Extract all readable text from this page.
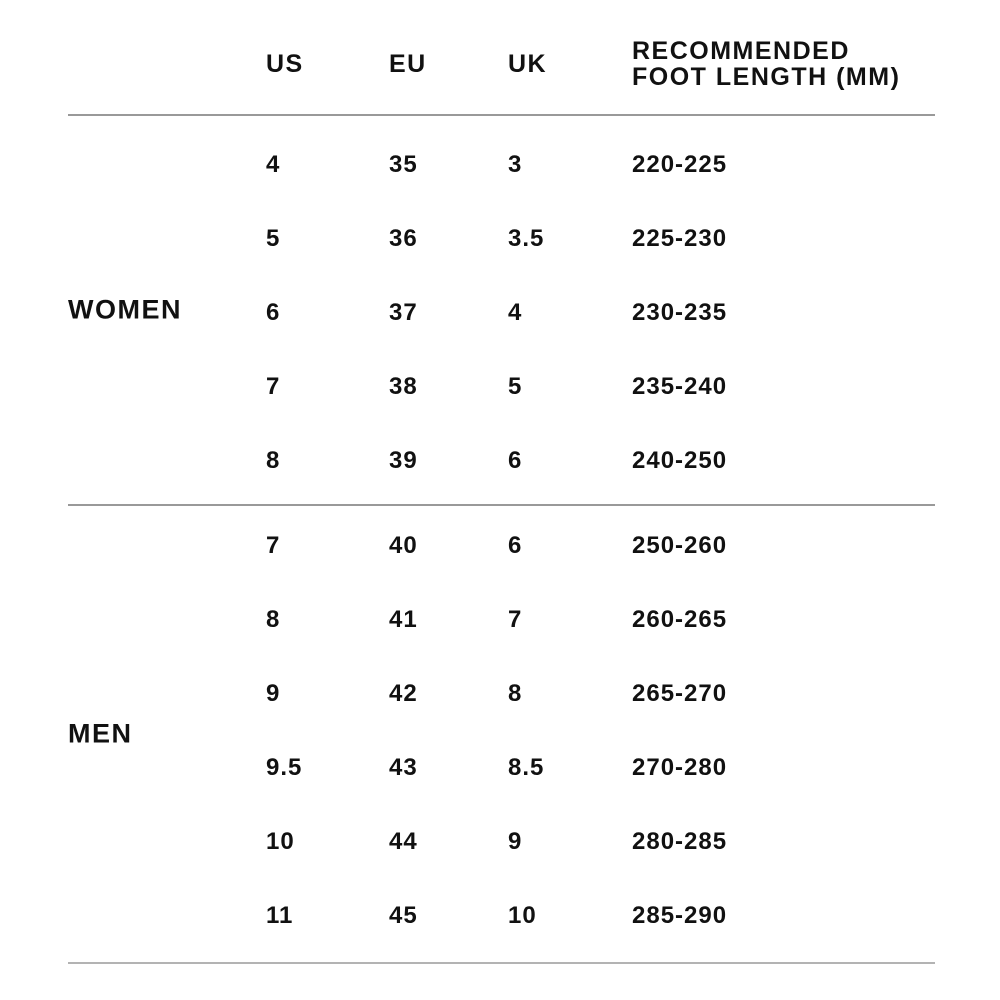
US	EU	UK	RECOMMENDED
FOOT LENGTH (MM)
WOMEN
4	35	3	220-225
5	36	3.5	225-230
6	37	4	230-235
7	38	5	235-240
8	39	6	240-250
MEN
7	40	6	250-260
8	41	7	260-265
9	42	8	265-270
9.5	43	8.5	270-280
10	44	9	280-285
11	45	10	285-290
